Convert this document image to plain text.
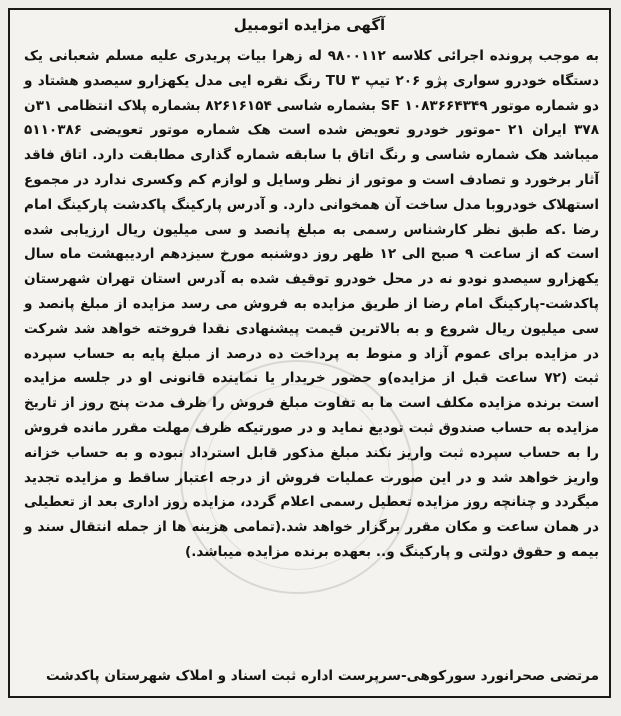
آگهی مزایده اتومبیل

به موجب پرونده اجرائی کلاسه ۹۸۰۰۱۱۲ له زهرا بیات پریدری علیه مسلم شعبانی یک دستگاه خودرو سواری پژو ۲۰۶ تیپ ۳ TU رنگ نقره ایی مدل یکهزارو سیصدو هشتاد و دو شماره موتور ۱۰۸۳۶۶۴۳۴۹ SF بشماره شاسی ۸۲۶۱۶۱۵۴ بشماره پلاک انتظامی ۳۱ن ۳۷۸ ایران ۲۱ -موتور خودرو تعویض شده است هک شماره موتور تعویضی ۵۱۱۰۳۸۶ میباشد هک شماره شاسی و رنگ اتاق با سابقه شماره گذاری مطابقت دارد. اتاق فاقد آثار برخورد و تصادف است و موتور از نظر وسایل و لوازم کم وکسری ندارد در مجموع استهلاک خودروبا مدل ساخت آن همخوانی دارد. و آدرس پارکینگ پاکدشت پارکینگ امام رضا .که طبق نظر کارشناس رسمی به مبلغ پانصد و سی میلیون ریال ارزیابی شده است که از ساعت ۹ صبح الی ۱۲ ظهر روز دوشنبه مورخ سیزدهم اردیبهشت ماه سال یکهزارو سیصدو نودو نه در محل خودرو توقیف شده به آدرس استان تهران شهرستان پاکدشت-پارکینگ امام رضا از طریق مزایده به فروش می رسد مزایده از مبلغ پانصد و سی میلیون ریال شروع و به بالاترین قیمت پیشنهادی نقدا فروخته خواهد شد شرکت در مزایده برای عموم آزاد و منوط به پرداخت ده درصد از مبلغ پایه به حساب سپرده ثبت (۷۲ ساعت قبل از مزایده)و حضور خریدار یا نماینده قانونی او در جلسه مزایده است برنده مزایده مکلف است ما به تفاوت مبلغ فروش را ظرف مدت پنج روز از تاریخ مزایده به حساب صندوق ثبت تودیع نماید و در صورتیکه ظرف مهلت مقرر مانده فروش را به حساب سپرده ثبت واریز نکند مبلغ مذکور قابل استرداد نبوده و به حساب خزانه واریز خواهد شد و در این صورت عملیات فروش از درجه اعتبار ساقط و مزایده تجدید میگردد و چنانچه روز مزایده تعطیل رسمی اعلام گردد، مزایده روز اداری بعد از تعطیلی در همان ساعت و مکان مقرر برگزار خواهد شد.(تمامی هزینه ها از جمله انتقال سند و بیمه و حقوق دولتی و پارکینگ و.. بعهده برنده مزایده میباشد.)

مرتضی صحرانورد سورکوهی-سرپرست اداره ثبت اسناد و املاک شهرستان پاکدشت
